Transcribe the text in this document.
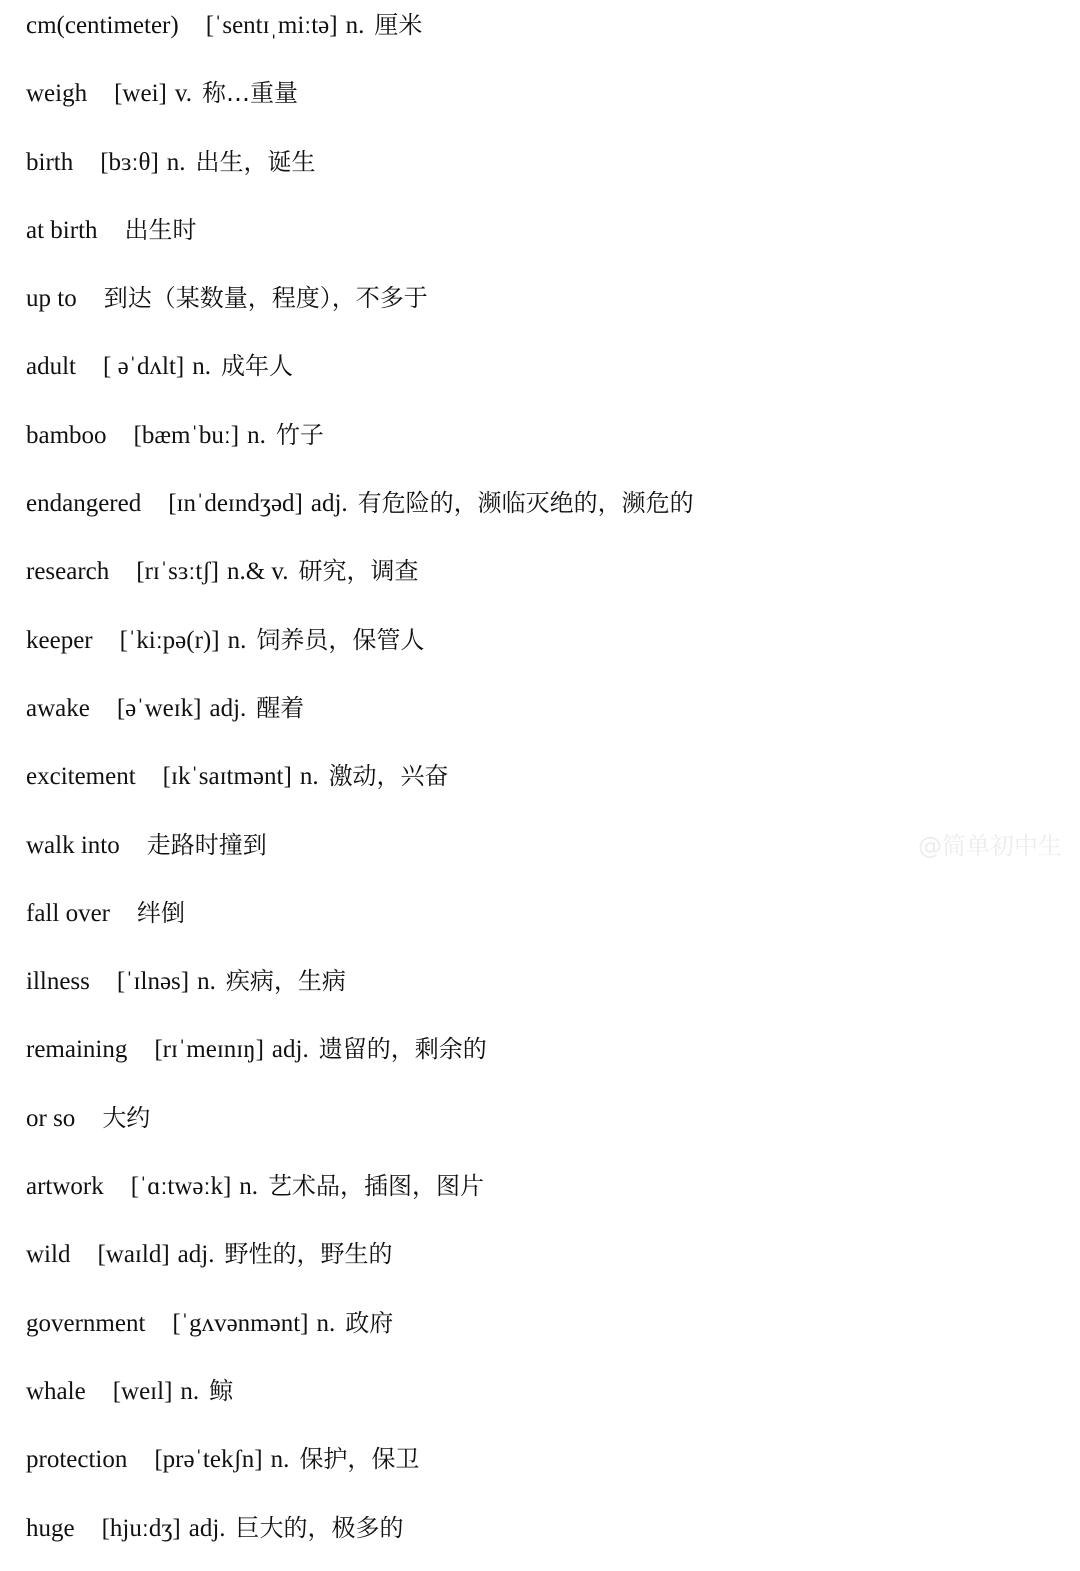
cm(centimeter) [ˈsentɪˌmiːtə] n. 厘米
weigh [wei] v. 称…重量
birth [bɜːθ] n. 出生，诞生
at birth 出生时
up to 到达（某数量，程度），不多于
adult [ əˈdʌlt] n. 成年人
bamboo [bæmˈbuː] n. 竹子
endangered [ɪnˈdeɪndʒəd] adj. 有危险的，濒临灭绝的，濒危的
research [rɪˈsɜːtʃ] n.& v. 研究，调查
keeper [ˈkiːpə(r)] n. 饲养员，保管人
awake [əˈweɪk] adj. 醒着
excitement [ɪkˈsaɪtmənt] n. 激动，兴奋
walk into 走路时撞到
fall over 绊倒
illness [ˈɪlnəs] n. 疾病，生病
remaining [rɪˈmeɪnɪŋ] adj. 遗留的，剩余的
or so 大约
artwork [ˈɑːtwəːk] n. 艺术品，插图，图片
wild [waɪld] adj. 野性的，野生的
government [ˈgʌvənmənt] n. 政府
whale [weɪl] n. 鲸
protection [prəˈtekʃn] n. 保护，保卫
huge [hjuːdʒ] adj. 巨大的，极多的
@简单初中生
